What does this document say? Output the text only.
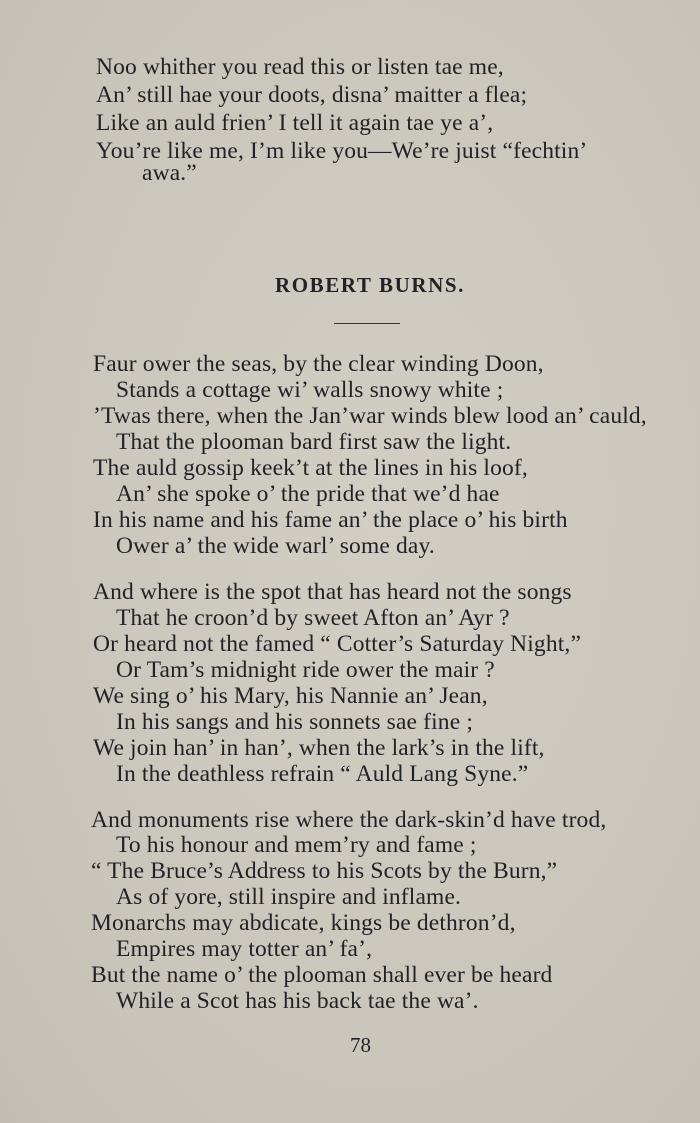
Noo whither you read this or listen tae me,
An’ still hae your doots, disna’ maitter a flea;
Like an auld frien’ I tell it again tae ye a’,
You’re like me, I’m like you—We’re juist “fechtin’
awa.”
ROBERT BURNS.
Faur ower the seas, by the clear winding Doon,
Stands a cottage wi’ walls snowy white ;
’Twas there, when the Jan’war winds blew lood an’ cauld,
That the plooman bard first saw the light.
The auld gossip keek’t at the lines in his loof,
An’ she spoke o’ the pride that we’d hae
In his name and his fame an’ the place o’ his birth
Ower a’ the wide warl’ some day.
And where is the spot that has heard not the songs
That he croon’d by sweet Afton an’ Ayr ?
Or heard not the famed “ Cotter’s Saturday Night,”
Or Tam’s midnight ride ower the mair ?
We sing o’ his Mary, his Nannie an’ Jean,
In his sangs and his sonnets sae fine ;
We join han’ in han’, when the lark’s in the lift,
In the deathless refrain “ Auld Lang Syne.”
And monuments rise where the dark-skin’d have trod,
To his honour and mem’ry and fame ;
“ The Bruce’s Address to his Scots by the Burn,”
As of yore, still inspire and inflame.
Monarchs may abdicate, kings be dethron’d,
Empires may totter an’ fa’,
But the name o’ the plooman shall ever be heard
While a Scot has his back tae the wa’.
78
